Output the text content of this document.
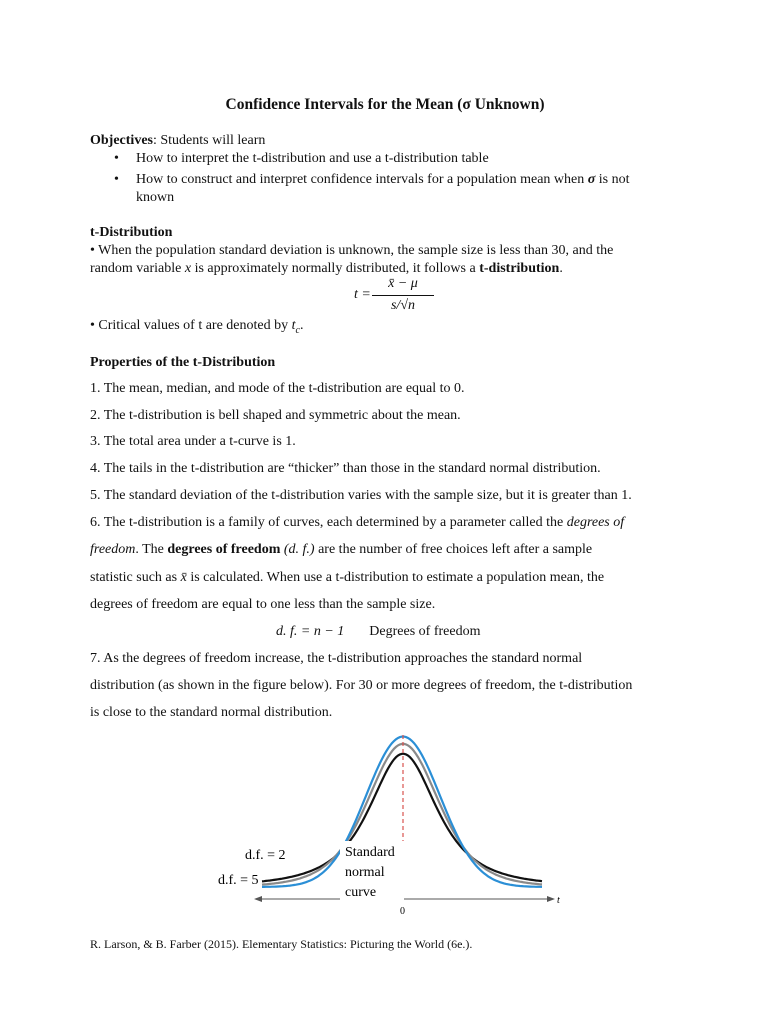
Confidence Intervals for the Mean (σ Unknown)
Objectives: Students will learn
• How to interpret the t-distribution and use a t-distribution table
• How to construct and interpret confidence intervals for a population mean when σ is not
known
t-Distribution
• When the population standard deviation is unknown, the sample size is less than 30, and the
random variable x is approximately normally distributed, it follows a t-distribution.
t =
x̄ − μ
s/√n
• Critical values of t are denoted by $t_c$.
Properties of the t-Distribution
1. The mean, median, and mode of the t-distribution are equal to 0.
2. The t-distribution is bell shaped and symmetric about the mean.
3. The total area under a t-curve is 1.
4. The tails in the t-distribution are “thicker” than those in the standard normal distribution.
5. The standard deviation of the t-distribution varies with the sample size, but it is greater than 1.
6. The t-distribution is a family of curves, each determined by a parameter called the degrees of
freedom. The degrees of freedom (d. f.) are the number of free choices left after a sample
statistic such as x̄ is calculated. When use a t-distribution to estimate a population mean, the
degrees of freedom are equal to one less than the sample size.
d. f. = n − 1 Degrees of freedom
7. As the degrees of freedom increase, the t-distribution approaches the standard normal
distribution (as shown in the figure below). For 30 or more degrees of freedom, the t-distribution
is close to the standard normal distribution.
R. Larson, & B. Farber (2015). Elementary Statistics: Picturing the World (6e.).
0
t
d.f. = 2
d.f. = 5
Standard
normal
curve
